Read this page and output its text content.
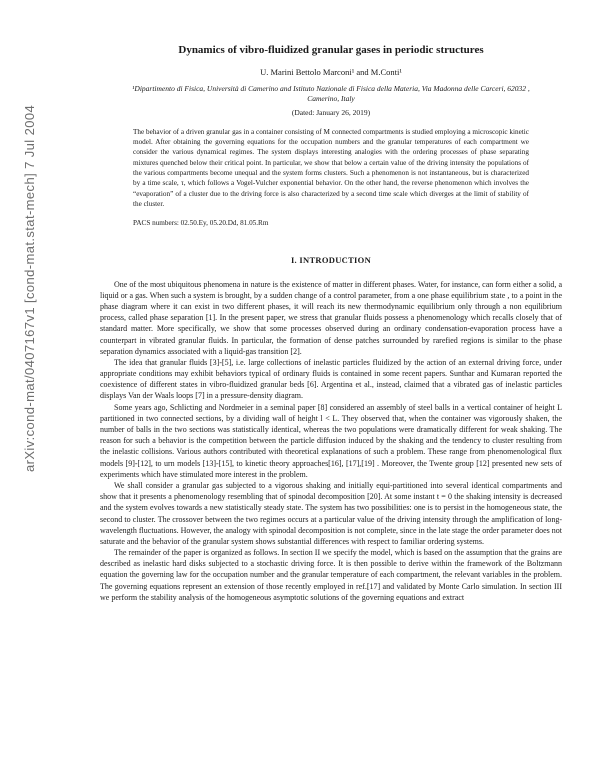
arXiv:cond-mat/0407167v1 [cond-mat.stat-mech] 7 Jul 2004
Dynamics of vibro-fluidized granular gases in periodic structures
U. Marini Bettolo Marconi¹ and M.Conti¹
¹Dipartimento di Fisica, Università di Camerino and Istituto Nazionale di Fisica della Materia, Via Madonna delle Carceri, 62032 , Camerino, Italy
(Dated: January 26, 2019)
The behavior of a driven granular gas in a container consisting of M connected compartments is studied employing a microscopic kinetic model. After obtaining the governing equations for the occupation numbers and the granular temperatures of each compartment we consider the various dynamical regimes. The system displays interesting analogies with the ordering processes of phase separating mixtures quenched below their critical point. In particular, we show that below a certain value of the driving intensity the populations of the various compartments become unequal and the system forms clusters. Such a phenomenon is not instantaneous, but is characterized by a time scale, τ, which follows a Vogel-Vulcher exponential behavior. On the other hand, the reverse phenomenon which involves the “evaporation” of a cluster due to the driving force is also characterized by a second time scale which diverges at the limit of stability of the cluster.
PACS numbers: 02.50.Ey, 05.20.Dd, 81.05.Rm
I. INTRODUCTION

One of the most ubiquitous phenomena in nature is the existence of matter in different phases. Water, for instance, can form either a solid, a liquid or a gas. When such a system is brought, by a sudden change of a control parameter, from a one phase equilibrium state , to a point in the phase diagram where it can exist in two different phases, it will reach its new thermodynamic equilibrium only through a non equilibrium process, called phase separation [1]. In the present paper, we stress that granular fluids possess a phenomenology which recalls closely that of standard matter. More specifically, we show that some processes observed during an ordinary condensation-evaporation process have a counterpart in vibrated granular fluids. In particular, the formation of dense patches surrounded by rarefied regions is similar to the phase separation dynamics associated with a liquid-gas transition [2].

The idea that granular fluids [3]-[5], i.e. large collections of inelastic particles fluidized by the action of an external driving force, under appropriate conditions may exhibit behaviors typical of ordinary fluids is contained in some recent papers. Sunthar and Kumaran reported the coexistence of different states in vibro-fluidized granular beds [6]. Argentina et al., instead, claimed that a vibrated gas of inelastic particles displays Van der Waals loops [7] in a pressure-density diagram.

Some years ago, Schlicting and Nordmeier in a seminal paper [8] considered an assembly of steel balls in a vertical container of height L partitioned in two connected sections, by a dividing wall of height l < L. They observed that, when the container was vigorously shaken, the number of balls in the two sections was statistically identical, whereas the two populations were dramatically different for weak shaking. The reason for such a behavior is the competition between the particle diffusion induced by the shaking and the tendency to cluster resulting from the inelastic collisions. Various authors contributed with theoretical explanations of such a problem. These range from phenomenological flux models [9]-[12], to urn models [13]-[15], to kinetic theory approaches[16], [17],[19] . Moreover, the Twente group [12] presented new sets of experiments which have stimulated more interest in the problem.

We shall consider a granular gas subjected to a vigorous shaking and initially equi-partitioned into several identical compartments and show that it presents a phenomenology resembling that of spinodal decomposition [20]. At some instant t = 0 the shaking intensity is decreased and the system evolves towards a new statistically steady state. The system has two possibilities: one is to persist in the homogeneous state, the second to cluster. The crossover between the two regimes occurs at a particular value of the driving intensity through the amplification of long-wavelength fluctuations. However, the analogy with spinodal decomposition is not complete, since in the late stage the order parameter does not saturate and the behavior of the granular system shows substantial differences with respect to familiar ordering systems.

The remainder of the paper is organized as follows. In section II we specify the model, which is based on the assumption that the grains are described as inelastic hard disks subjected to a stochastic driving force. It is then possible to derive within the framework of the Boltzmann equation the governing law for the occupation number and the granular temperature of each compartment, the relevant variables in the problem. The governing equations represent an extension of those recently employed in ref.[17] and validated by Monte Carlo simulation. In section III we perform the stability analysis of the homogeneous asymptotic solutions of the governing equations and extract
